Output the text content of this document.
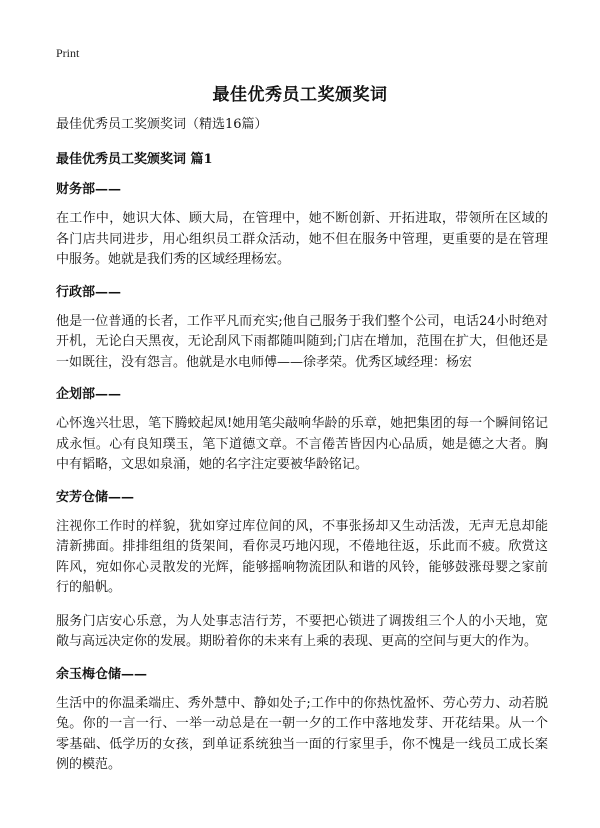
Print
最佳优秀员工奖颁奖词

最佳优秀员工奖颁奖词（精选16篇）

最佳优秀员工奖颁奖词 篇1

财务部——

在工作中，她识大体、顾大局，在管理中，她不断创新、开拓进取，带领所在区域的各门店共同进步，用心组织员工群众活动，她不但在服务中管理，更重要的是在管理中服务。她就是我们秀的区域经理杨宏。

行政部——

他是一位普通的长者，工作平凡而充实;他自己服务于我们整个公司，电话24小时绝对开机，无论白天黑夜，无论刮风下雨都随叫随到;门店在增加，范围在扩大，但他还是一如既往，没有怨言。他就是水电师傅——徐孝荣。优秀区域经理：杨宏

企划部——

心怀逸兴壮思，笔下腾蛟起凤!她用笔尖敲响华龄的乐章，她把集团的每一个瞬间铭记成永恒。心有良知璞玉，笔下道德文章。不言倦苦皆因内心品质，她是德之大者。胸中有韬略，文思如泉涌，她的名字注定要被华龄铭记。

安芳仓储——

注视你工作时的样貌，犹如穿过库位间的风，不事张扬却又生动活泼，无声无息却能清新拂面。排排组组的货架间，看你灵巧地闪现，不倦地往返，乐此而不疲。欣赏这阵风，宛如你心灵散发的光辉，能够摇响物流团队和谐的风铃，能够鼓涨母婴之家前行的船帆。

服务门店安心乐意，为人处事志洁行芳，不要把心锁进了调拨组三个人的小天地，宽敞与高远决定你的发展。期盼着你的未来有上乘的表现、更高的空间与更大的作为。

余玉梅仓储——

生活中的你温柔端庄、秀外慧中、静如处子;工作中的你热忱盈怀、劳心劳力、动若脱兔。你的一言一行、一举一动总是在一朝一夕的工作中落地发芽、开花结果。从一个零基础、低学历的女孩，到单证系统独当一面的行家里手，你不愧是一线员工成长案例的模范。
